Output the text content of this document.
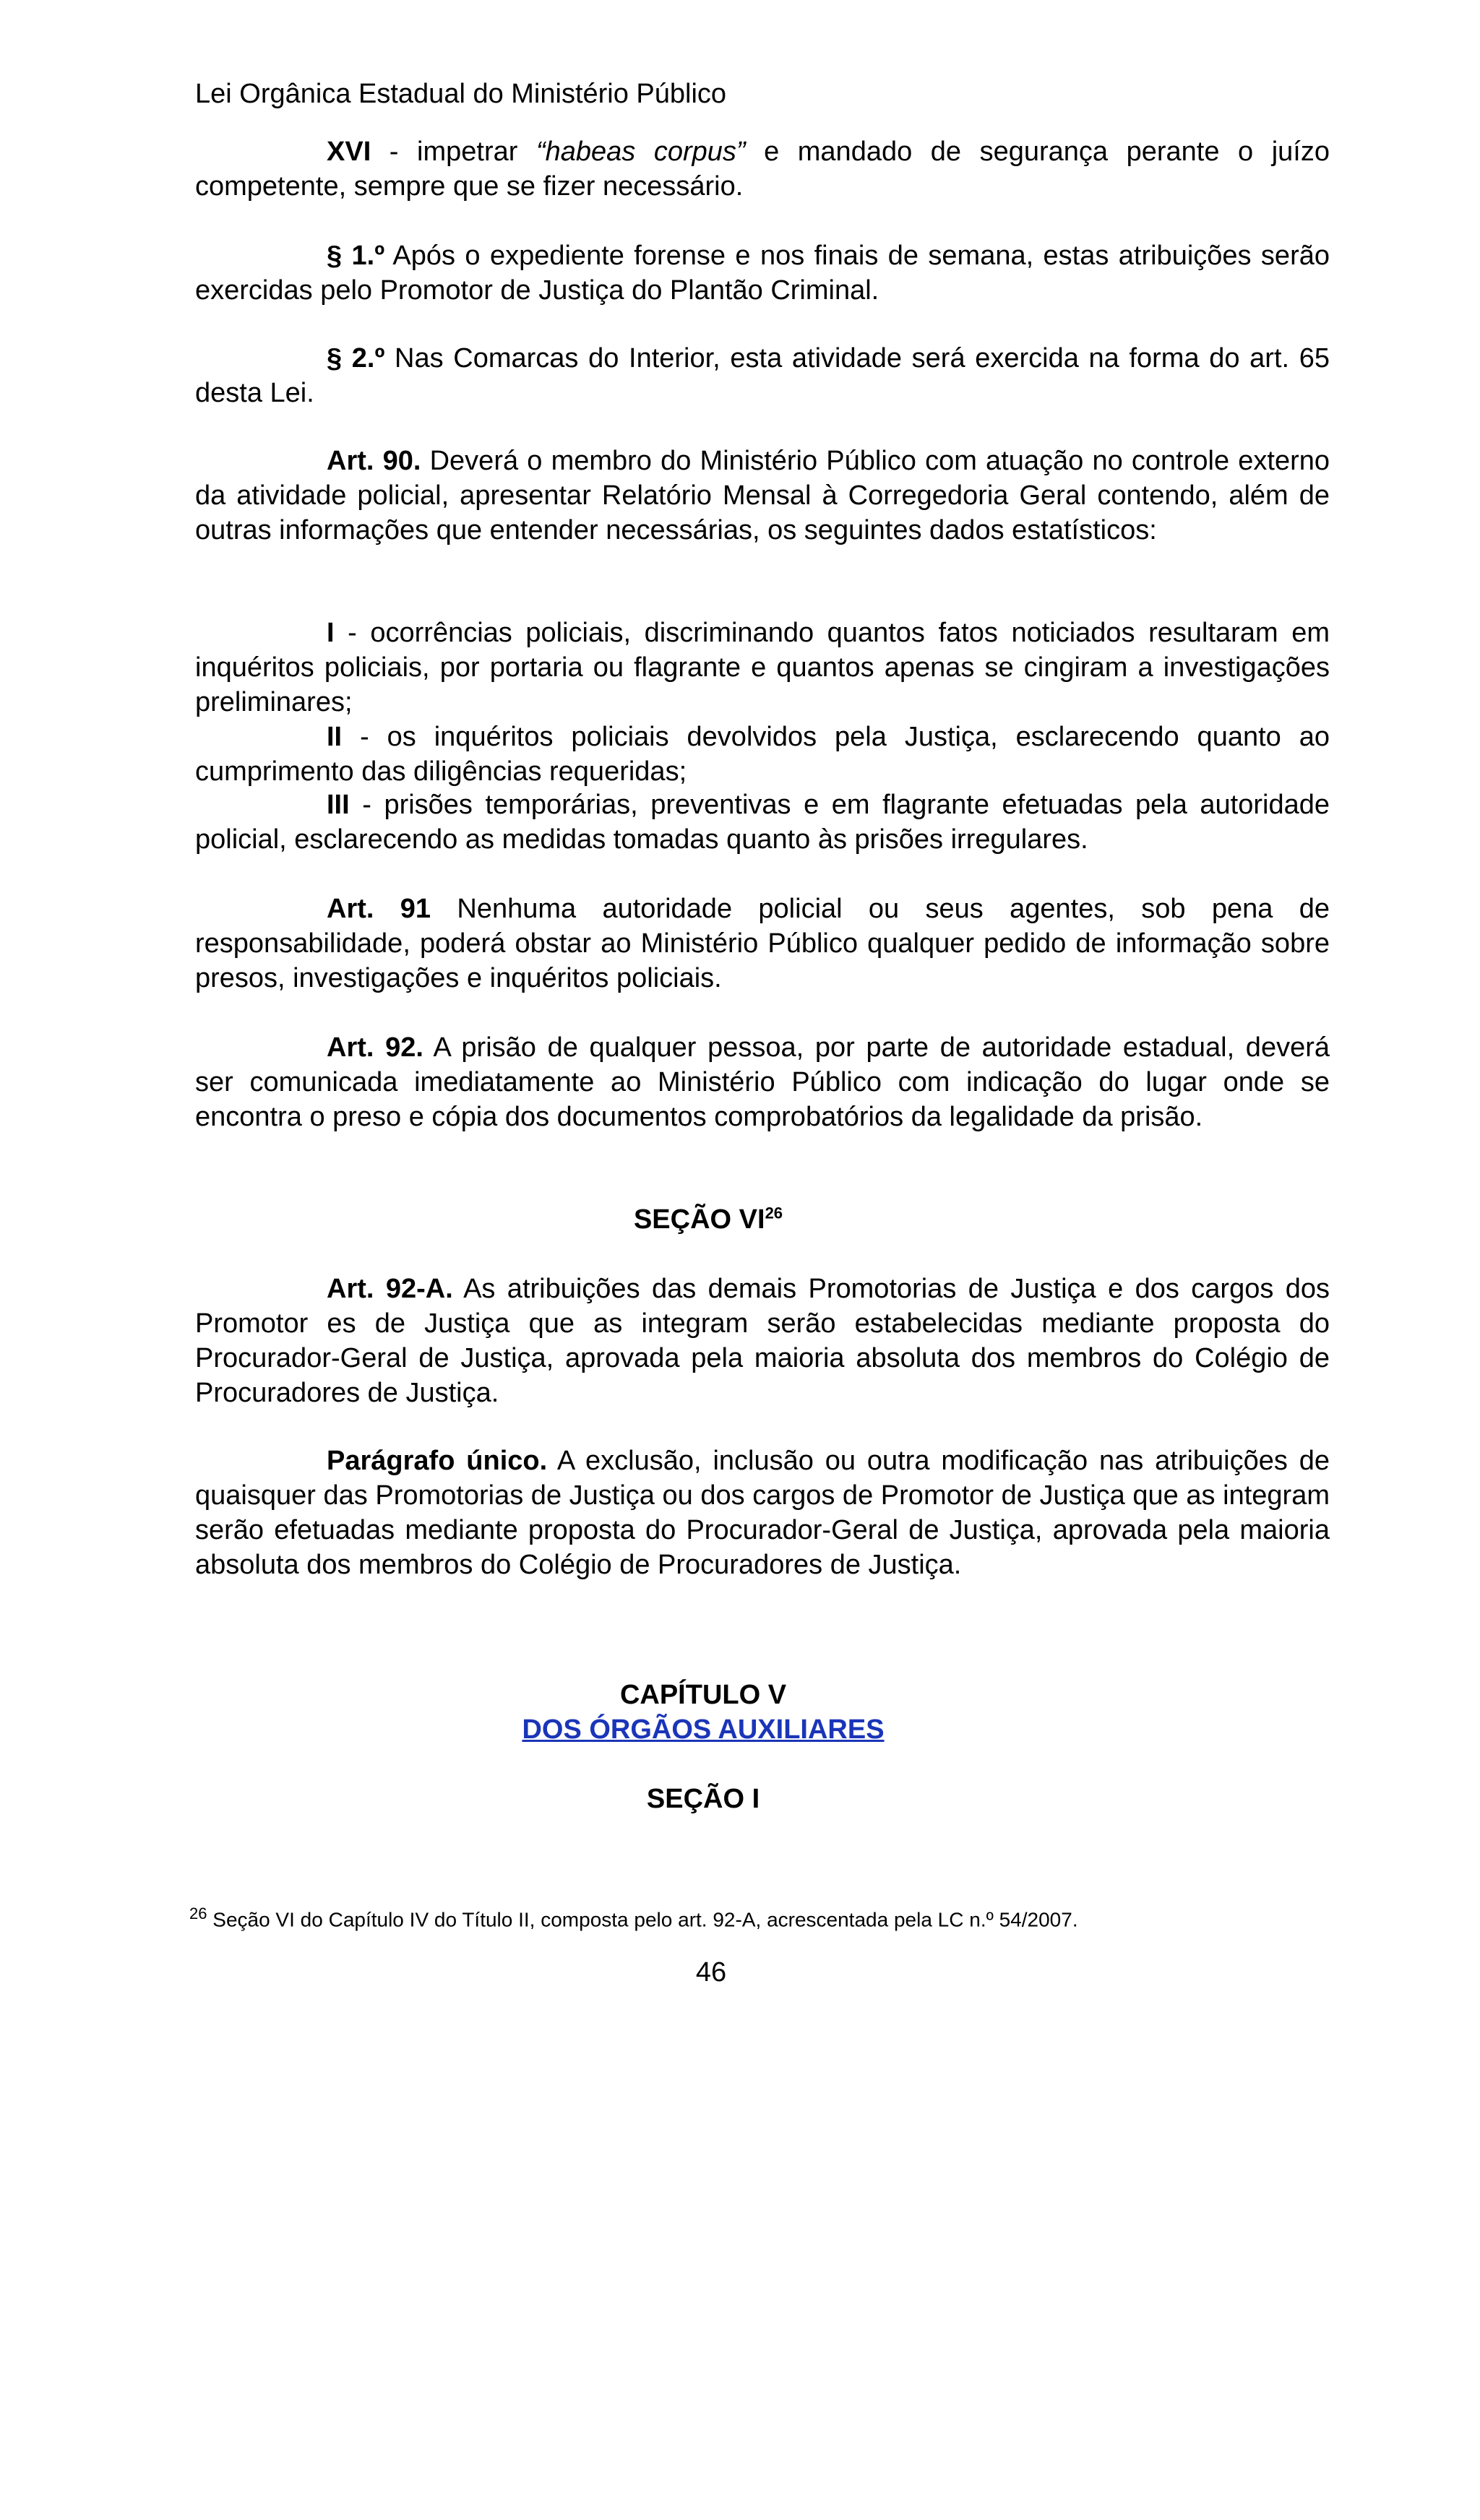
Lei Orgânica Estadual do Ministério Público
XVI - impetrar “habeas corpus” e mandado de segurança perante o juízo competente, sempre que se fizer necessário.
§ 1.º Após o expediente forense e nos finais de semana, estas atribuições serão exercidas pelo Promotor de Justiça do Plantão Criminal.
§ 2.º Nas Comarcas do Interior, esta atividade será exercida na forma do art. 65 desta Lei.
Art. 90. Deverá o membro do Ministério Público com atuação no controle externo da atividade policial, apresentar Relatório Mensal à Corregedoria Geral contendo, além de outras informações que entender necessárias, os seguintes dados estatísticos:
I - ocorrências policiais, discriminando quantos fatos noticiados resultaram em inquéritos policiais, por portaria ou flagrante e quantos apenas se cingiram a investigações preliminares;
II - os inquéritos policiais devolvidos pela Justiça, esclarecendo quanto ao cumprimento das diligências requeridas;
III - prisões temporárias, preventivas e em flagrante efetuadas pela autoridade policial, esclarecendo as medidas tomadas quanto às prisões irregulares.
Art. 91 Nenhuma autoridade policial ou seus agentes, sob pena de responsabilidade, poderá obstar ao Ministério Público qualquer pedido de informação sobre presos, investigações e inquéritos policiais.
Art. 92. A prisão de qualquer pessoa, por parte de autoridade estadual, deverá ser comunicada imediatamente ao Ministério Público com indicação do lugar onde se encontra o preso e cópia dos documentos comprobatórios da legalidade da prisão.
SEÇÃO VI$^{26}$
Art. 92-A. As atribuições das demais Promotorias de Justiça e dos cargos dos Promotor es de Justiça que as integram serão estabelecidas mediante proposta do Procurador-Geral de Justiça, aprovada pela maioria absoluta dos membros do Colégio de Procuradores de Justiça.
Parágrafo único. A exclusão, inclusão ou outra modificação nas atribuições de quaisquer das Promotorias de Justiça ou dos cargos de Promotor de Justiça que as integram serão efetuadas mediante proposta do Procurador-Geral de Justiça, aprovada pela maioria absoluta dos membros do Colégio de Procuradores de Justiça.
CAPÍTULO V
DOS ÓRGÃOS AUXILIARES
SEÇÃO I
$^{26}$ Seção VI do Capítulo IV do Título II, composta pelo art. 92-A, acrescentada pela LC n.º 54/2007.
46
